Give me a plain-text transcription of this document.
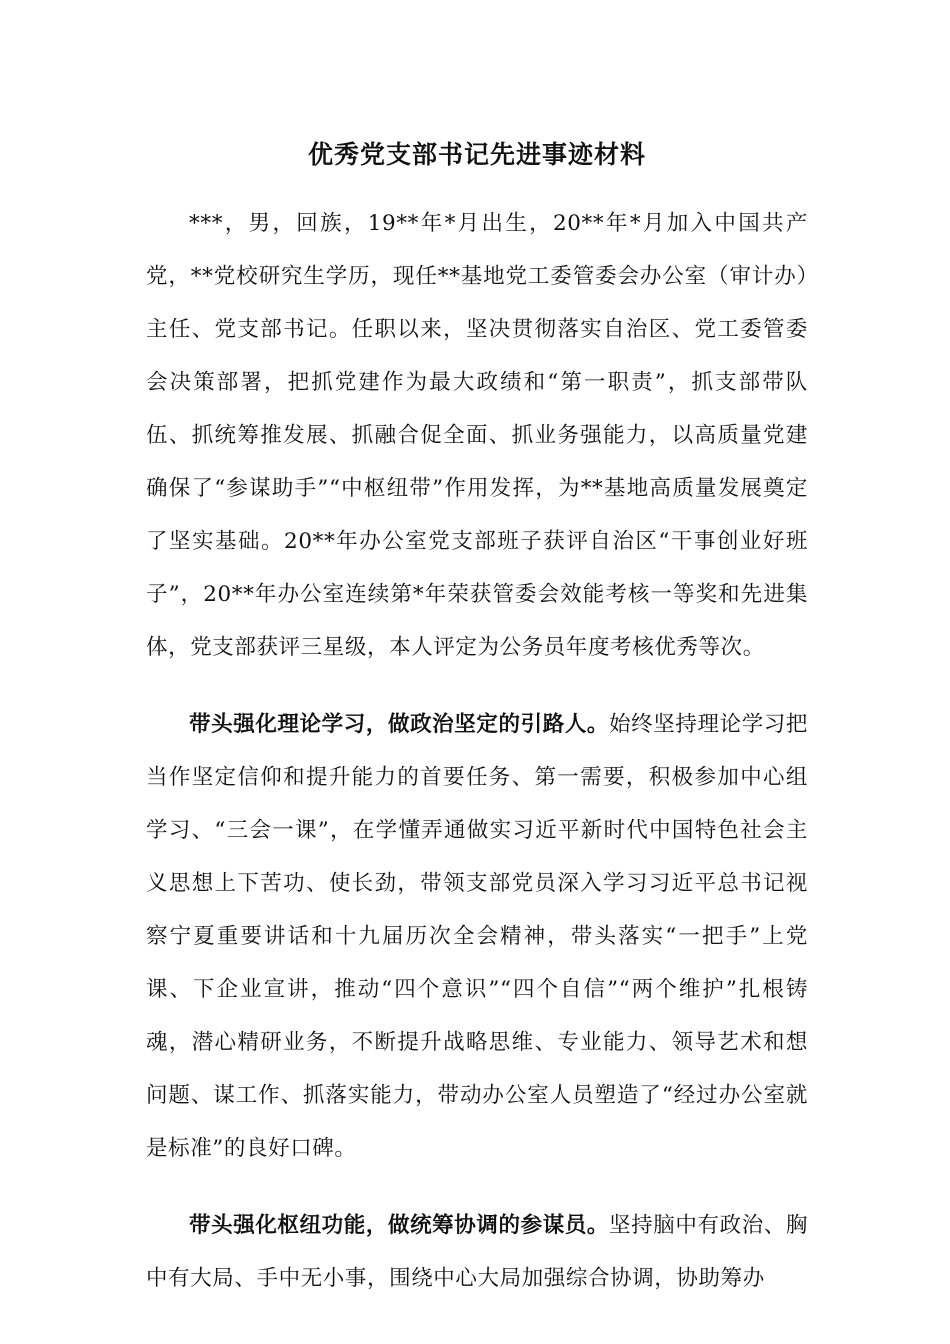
优秀党支部书记先进事迹材料

***，男，回族，19**年*月出生，20**年*月加入中国共产党，**党校研究生学历，现任**基地党工委管委会办公室（审计办）主任、党支部书记。任职以来，坚决贯彻落实自治区、党工委管委会决策部署，把抓党建作为最大政绩和“第一职责”，抓支部带队伍、抓统筹推发展、抓融合促全面、抓业务强能力，以高质量党建确保了“参谋助手”“中枢纽带”作用发挥，为**基地高质量发展奠定了坚实基础。20**年办公室党支部班子获评自治区“干事创业好班子”，20**年办公室连续第*年荣获管委会效能考核一等奖和先进集体，党支部获评三星级，本人评定为公务员年度考核优秀等次。

带头强化理论学习，做政治坚定的引路人。始终坚持理论学习把当作坚定信仰和提升能力的首要任务、第一需要，积极参加中心组学习、“三会一课”，在学懂弄通做实习近平新时代中国特色社会主义思想上下苦功、使长劲，带领支部党员深入学习习近平总书记视察宁夏重要讲话和十九届历次全会精神，带头落实“一把手”上党课、下企业宣讲，推动“四个意识”“四个自信”“两个维护”扎根铸魂，潜心精研业务，不断提升战略思维、专业能力、领导艺术和想问题、谋工作、抓落实能力，带动办公室人员塑造了“经过办公室就是标准”的良好口碑。

带头强化枢纽功能，做统筹协调的参谋员。坚持脑中有政治、胸中有大局、手中无小事，围绕中心大局加强综合协调，协助筹办
